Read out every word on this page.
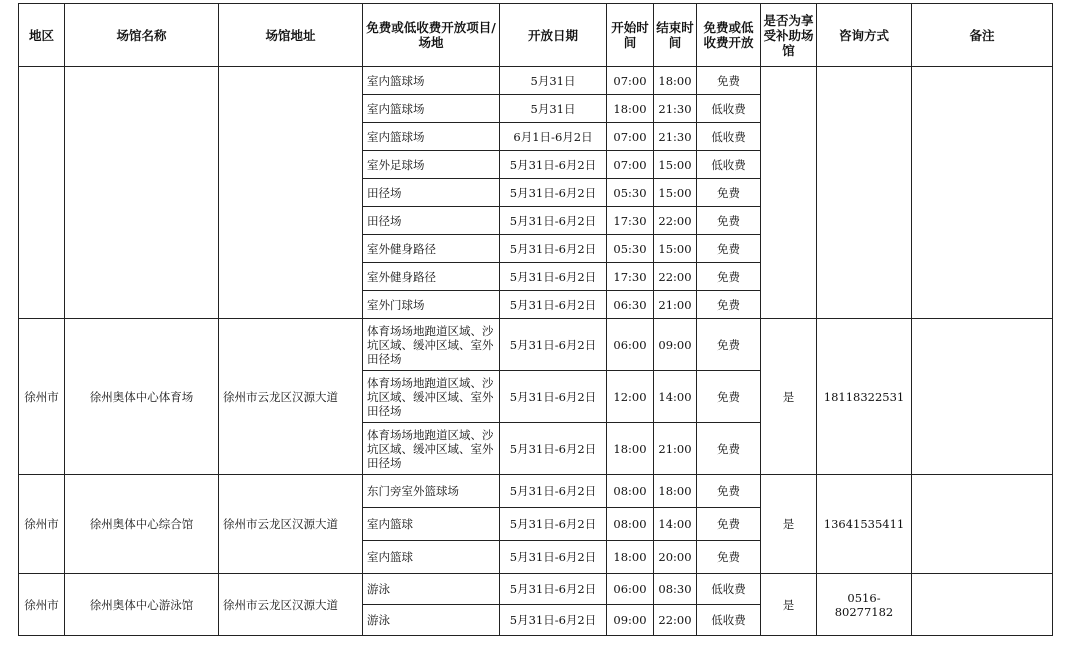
地区	场馆名称	场馆地址	免费或低收费开放项目/场地	开放日期	开始时间	结束时间	免费或低收费开放	是否为享受补助场馆	咨询方式	备注
			室内篮球场	5月31日	07:00	18:00	免费			
			室内篮球场	5月31日	18:00	21:30	低收费			
			室内篮球场	6月1日-6月2日	07:00	21:30	低收费			
			室外足球场	5月31日-6月2日	07:00	15:00	低收费			
			田径场	5月31日-6月2日	05:30	15:00	免费			
			田径场	5月31日-6月2日	17:30	22:00	免费			
			室外健身路径	5月31日-6月2日	05:30	15:00	免费			
			室外健身路径	5月31日-6月2日	17:30	22:00	免费			
			室外门球场	5月31日-6月2日	06:30	21:00	免费			
徐州市	徐州奥体中心体育场	徐州市云龙区汉源大道	体育场场地跑道区域、沙坑区域、缓冲区域、室外田径场	5月31日-6月2日	06:00	09:00	免费	是	18118322531	
			体育场场地跑道区域、沙坑区域、缓冲区域、室外田径场	5月31日-6月2日	12:00	14:00	免费			
			体育场场地跑道区域、沙坑区域、缓冲区域、室外田径场	5月31日-6月2日	18:00	21:00	免费			
徐州市	徐州奥体中心综合馆	徐州市云龙区汉源大道	东门旁室外篮球场	5月31日-6月2日	08:00	18:00	免费	是	13641535411	
			室内篮球	5月31日-6月2日	08:00	14:00	免费			
			室内篮球	5月31日-6月2日	18:00	20:00	免费			
徐州市	徐州奥体中心游泳馆	徐州市云龙区汉源大道	游泳	5月31日-6月2日	06:00	08:30	低收费	是	0516-80277182	
			游泳	5月31日-6月2日	09:00	22:00	低收费			
